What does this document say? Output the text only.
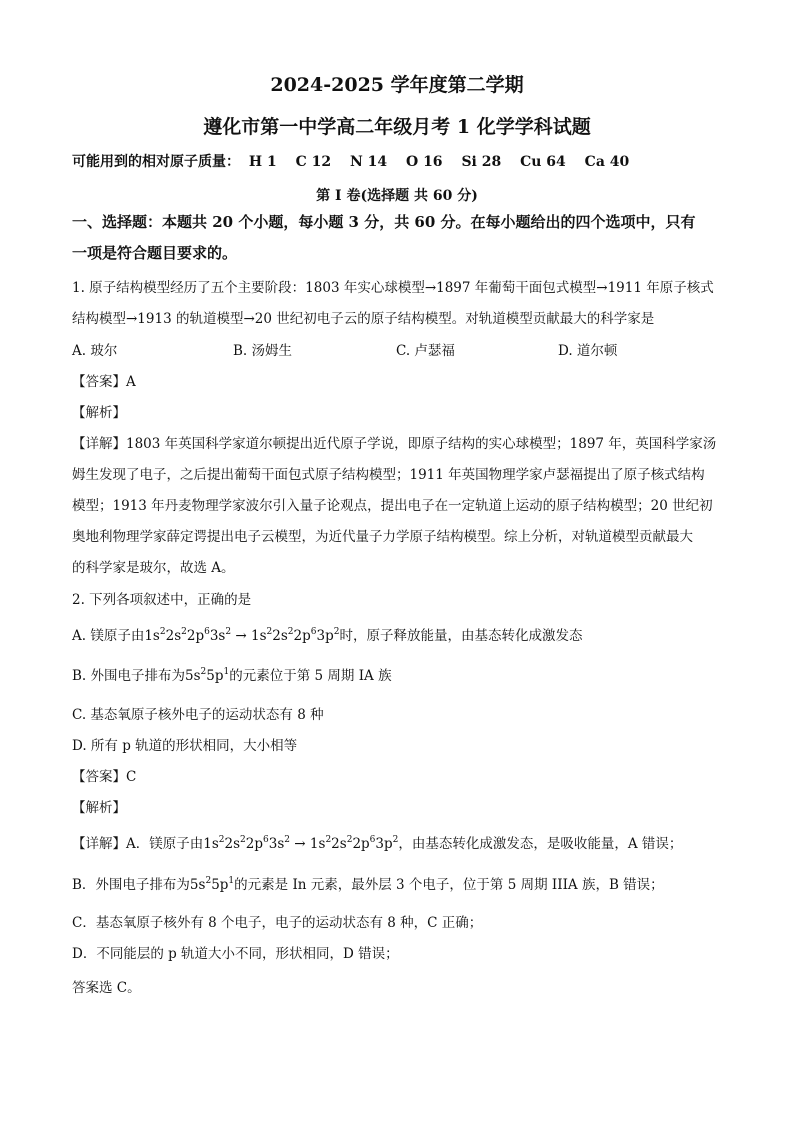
2024-2025 学年度第二学期
遵化市第一中学高二年级月考 1 化学学科试题
可能用到的相对原子质量： H 1 C 12 N 14 O 16 Si 28 Cu 64 Ca 40
第 I 卷(选择题 共 60 分)
一、选择题：本题共 20 个小题，每小题 3 分，共 60 分。在每小题给出的四个选项中，只有
一项是符合题目要求的。
1. 原子结构模型经历了五个主要阶段：1803 年实心球模型→1897 年葡萄干面包式模型→1911 年原子核式
结构模型→1913 的轨道模型→20 世纪初电子云的原子结构模型。对轨道模型贡献最大的科学家是
A. 玻尔	B. 汤姆生	C. 卢瑟福	D. 道尔顿
【答案】A
【解析】
【详解】1803 年英国科学家道尔顿提出近代原子学说，即原子结构的实心球模型；1897 年，英国科学家汤
姆生发现了电子，之后提出葡萄干面包式原子结构模型；1911 年英国物理学家卢瑟福提出了原子核式结构
模型；1913 年丹麦物理学家波尔引入量子论观点，提出电子在一定轨道上运动的原子结构模型；20 世纪初
奥地利物理学家薛定谔提出电子云模型，为近代量子力学原子结构模型。综上分析，对轨道模型贡献最大
的科学家是玻尔，故选 A。
2. 下列各项叙述中，正确的是
A. 镁原子由$1s^22s^22p^63s^2 \to 1s^22s^22p^63p^2$时，原子释放能量，由基态转化成激发态
B. 外围电子排布为$5s^25p^1$的元素位于第 5 周期 IA 族
C. 基态氧原子核外电子的运动状态有 8 种
D. 所有 p 轨道的形状相同，大小相等
【答案】C
【解析】
【详解】A．镁原子由$1s^22s^22p^63s^2 \to 1s^22s^22p^63p^2$，由基态转化成激发态，是吸收能量，A 错误；
B．外围电子排布为$5s^25p^1$的元素是 In 元素，最外层 3 个电子，位于第 5 周期 IIIA 族，B 错误；
C．基态氧原子核外有 8 个电子，电子的运动状态有 8 种，C 正确；
D．不同能层的 p 轨道大小不同，形状相同，D 错误；
答案选 C。
